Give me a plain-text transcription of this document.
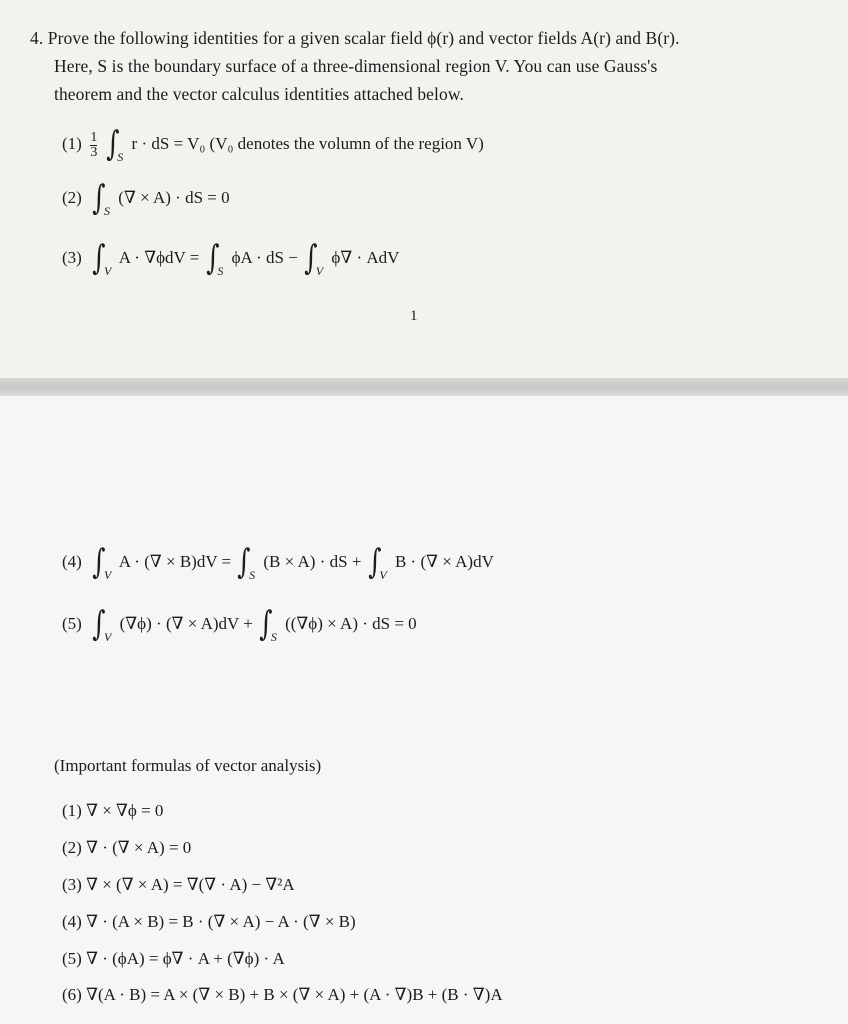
4. Prove the following identities for a given scalar field ϕ(r) and vector fields A(r) and B(r).
Here, S is the boundary surface of a three-dimensional region V. You can use Gauss's
theorem and the vector calculus identities attached below.
$(1) \frac{1}{3} \int_S$ r · dS = V₀ (V₀ denotes the volumn of the region V)
(2) $\int_S$ (∇ × A) · dS = 0
(3) $\int_V$ $A \cdot \nabla\phi dV = \int_S$ ϕA · dS − $\int_V$ ϕ∇ · AdV
1
(4) $\int_V$ A · (∇ × $B)dV = \int_S$ (B × A) · dS + $\int_V$ B · (∇ × A)dV
(5) $\int_V$ (∇ϕ) · (∇ × $A)dV + \int_S$ ((∇ϕ) × A) · dS = 0
(Important formulas of vector analysis)
(1) ∇ × ∇ϕ = 0
(2) ∇ · (∇ × A) = 0
(3) ∇ × (∇ × A) = ∇(∇ · A) − ∇²A
(4) ∇ · (A × B) = B · (∇ × A) − A · (∇ × B)
(5) ∇ · (ϕA) = ϕ∇ · A + (∇ϕ) · A
(6) ∇(A · B) = A × (∇ × B) + B × (∇ × A) + (A · ∇)B + (B · ∇)A
